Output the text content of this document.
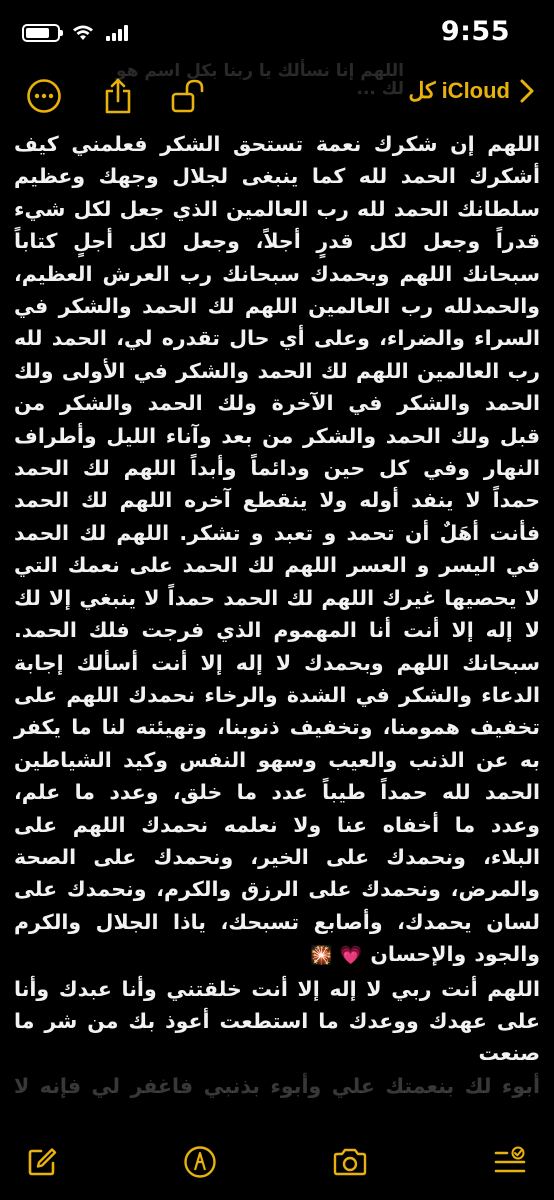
9:55
اللهم إنا نسألك يا ربنا بكل اسم هو لك ... كل iCloud

اللهم إن شكرك نعمة تستحق الشكر فعلمني كيف أشكرك الحمد لله كما ينبغى لجلال وجهك وعظيم سلطانك الحمد لله رب العالمين الذي جعل لكل شيء قدراً وجعل لكل قدرٍ أجلاً، وجعل لكل أجلٍ كتاباً سبحانك اللهم وبحمدك سبحانك رب العرش العظيم، والحمدلله رب العالمين اللهم لك الحمد والشكر في السراء والضراء، وعلى أي حال تقدره لي، الحمد لله رب العالمين اللهم لك الحمد والشكر في الأولى ولك الحمد والشكر في الآخرة ولك الحمد والشكر من قبل ولك الحمد والشكر من بعد وآناء الليل وأطراف النهار وفي كل حين ودائماً وأبداً اللهم لك الحمد حمداً لا ينفد أوله ولا ينقطع آخره اللهم لك الحمد فأنت أهَلٌ أن تحمد و تعبد و تشكر. اللهم لك الحمد في اليسر و العسر اللهم لك الحمد على نعمك التي لا يحصيها غيرك اللهم لك الحمد حمداً لا ينبغي إلا لك لا إله إلا أنت أنا المهموم الذي فرجت فلك الحمد. سبحانك اللهم وبحمدك لا إله إلا أنت أسألك إجابة الدعاء والشكر في الشدة والرخاء نحمدك اللهم على تخفيف همومنا، وتخفيف ذنوبنا، وتهيئته لنا ما يكفر به عن الذنب والعيب وسهو النفس وكيد الشياطين الحمد لله حمداً طيباً عدد ما خلق، وعدد ما علم، وعدد ما أخفاه عنا ولا نعلمه نحمدك اللهم على البلاء، ونحمدك على الخير، ونحمدك على الصحة والمرض، ونحمدك على الرزق والكرم، ونحمدك على لسان يحمدك، وأصابع تسبحك، ياذا الجلال والكرم والجود والإحسان 💗 🎇

اللهم أنت ربي لا إله إلا أنت خلقتني وأنا عبدك وأنا على عهدك ووعدك ما استطعت أعوذ بك من شر ما صنعت

أبوء لك بنعمتك علي وأبوء بذنبي فاغفر لي فإنه لا
